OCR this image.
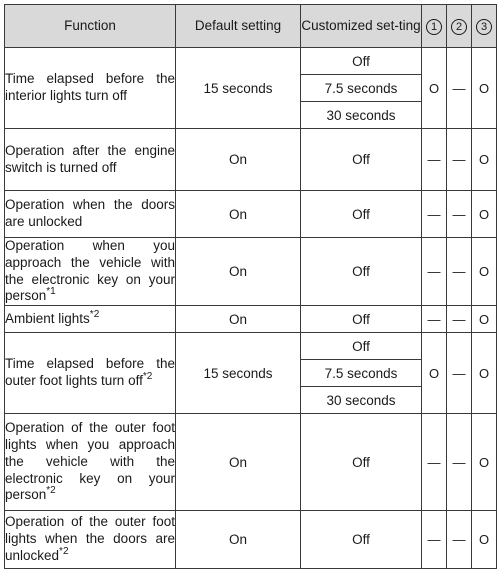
Function	Default setting	Customized set-ting	1	2	3
Time elapsed before the interior lights turn off	15 seconds	Off	O	—	O
		7.5 seconds			
		30 seconds			
Operation after the engine switch is turned off	On	Off	—	—	O
Operation when the doors are unlocked	On	Off	—	—	O
Operation when you approach the vehicle with the electronic key on your person$^{*1}$	On	Off	—	—	O
Ambient lights$^{*2}$	On	Off	—	—	O
Time elapsed before the outer foot lights turn off$^{*2}$	15 seconds	Off	O	—	O
		7.5 seconds			
		30 seconds			
Operation of the outer foot lights when you approach the vehicle with the electronic key on your person$^{*2}$	On	Off	—	—	O
Operation of the outer foot lights when the doors are unlocked$^{*2}$	On	Off	—	—	O
